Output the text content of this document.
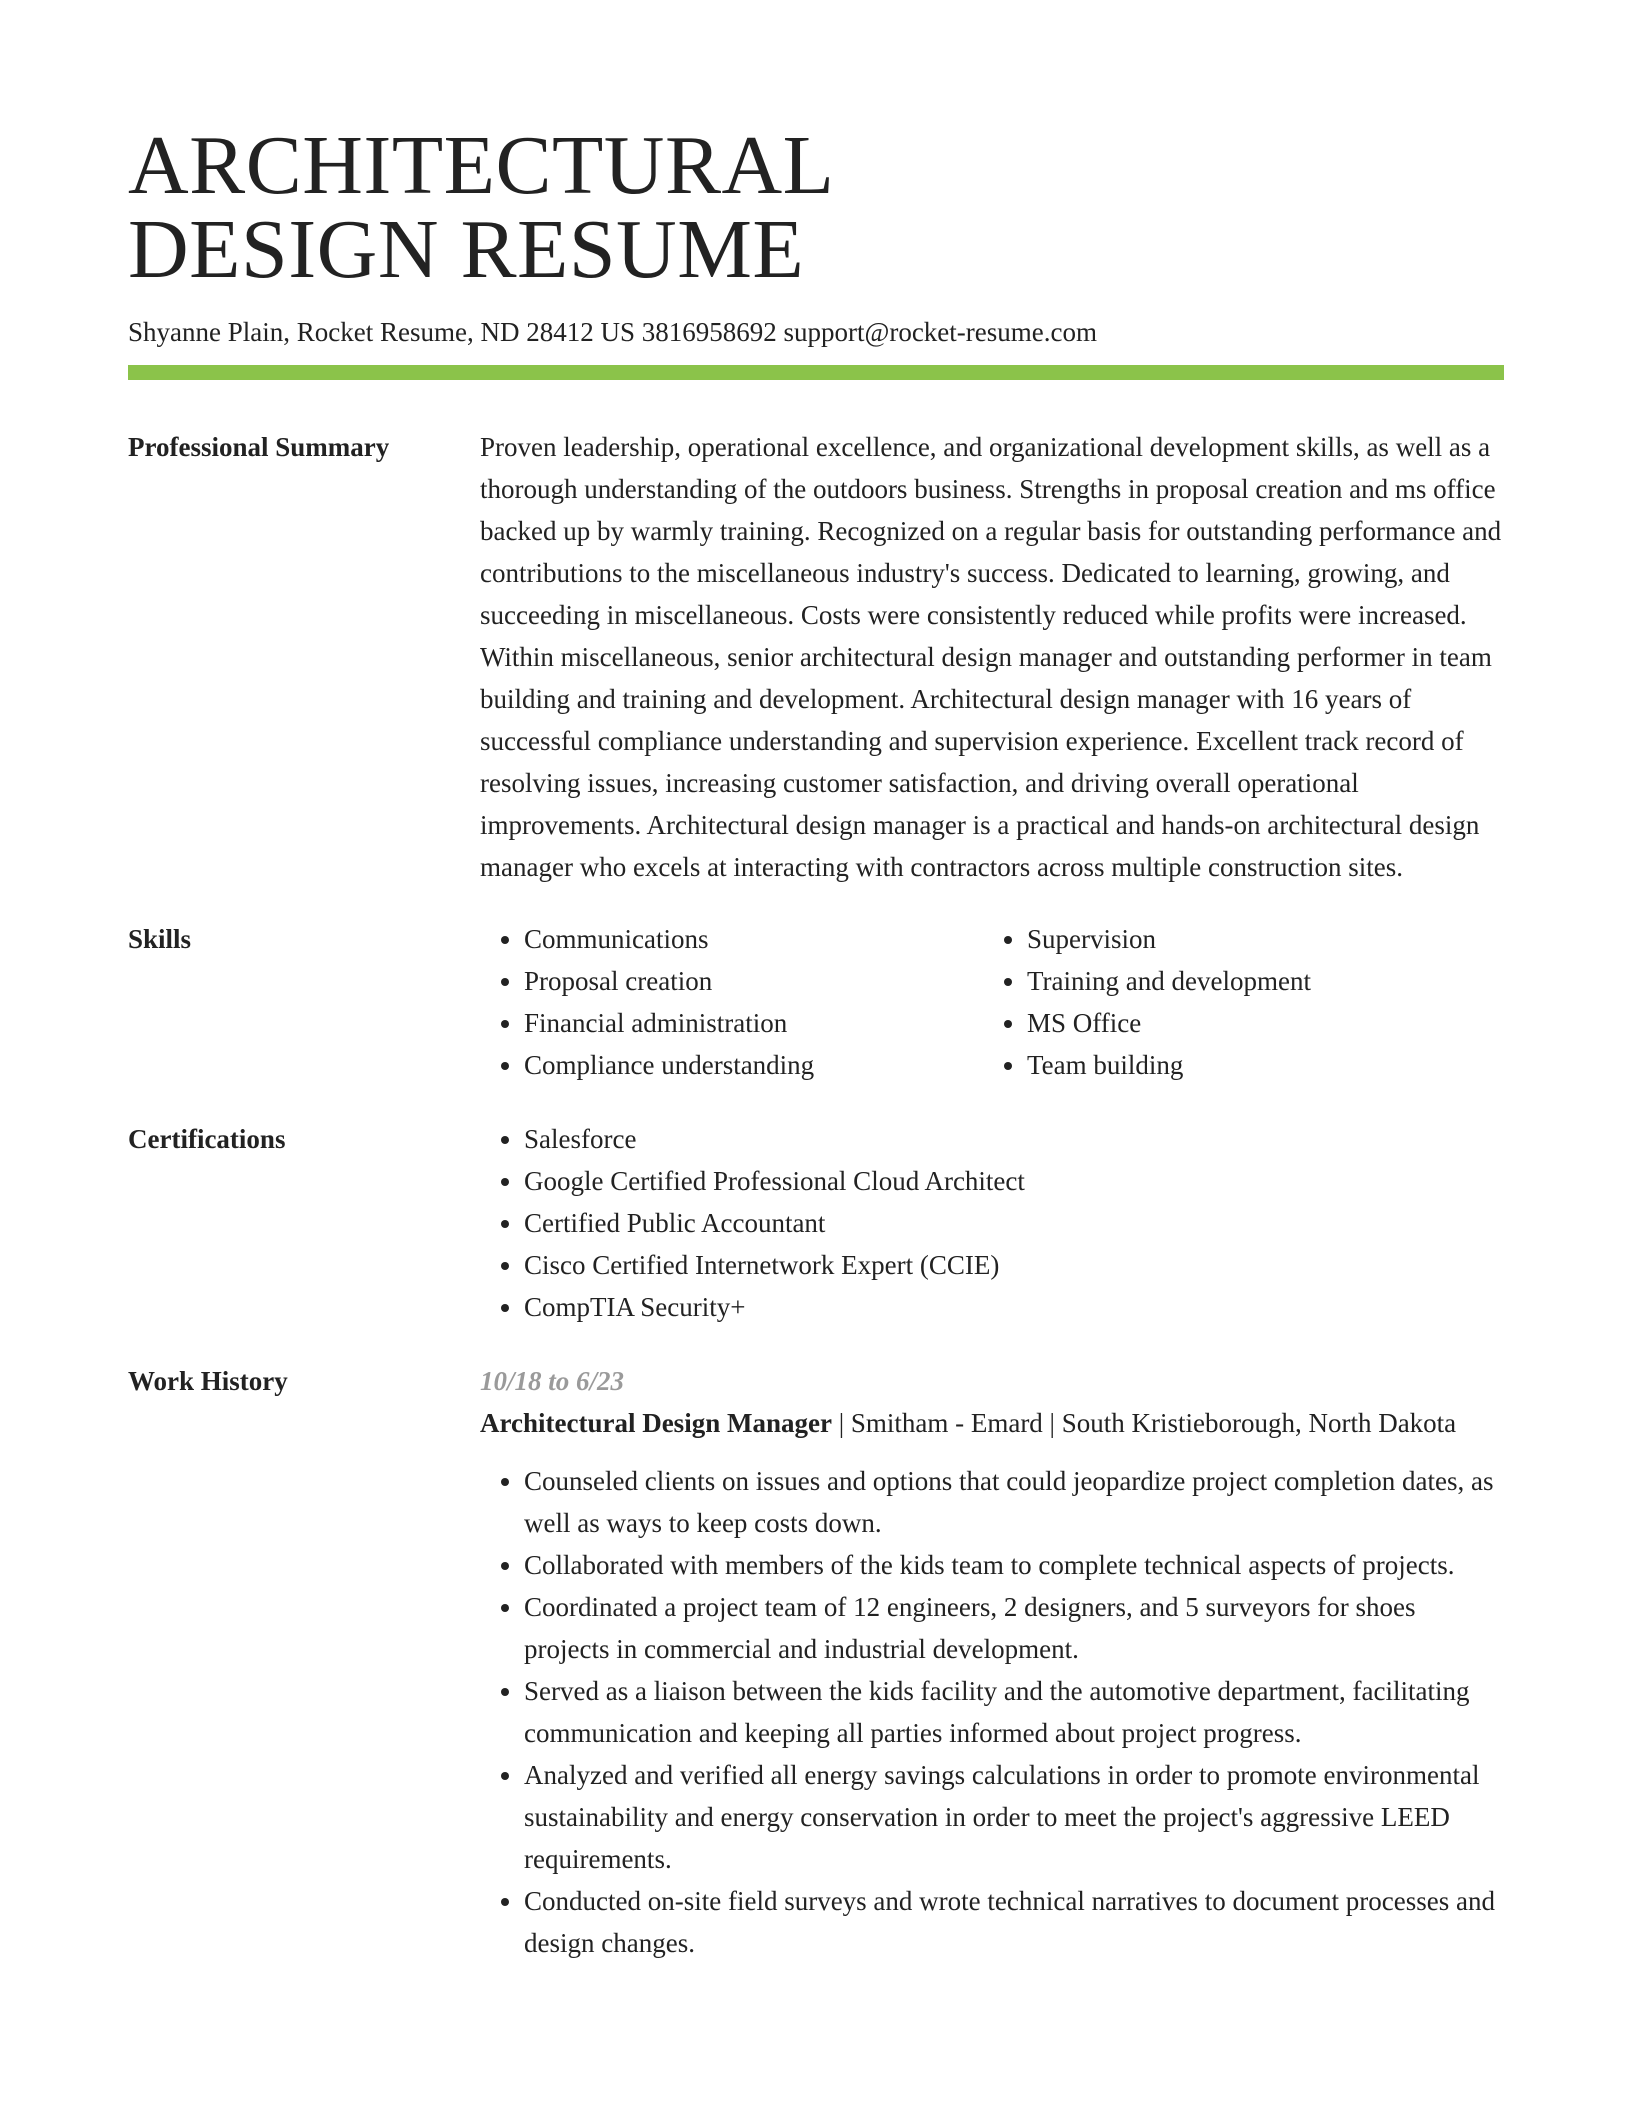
ARCHITECTURAL
DESIGN RESUME
Shyanne Plain, Rocket Resume, ND 28412 US 3816958692 support@rocket-resume.com
Professional Summary	Proven leadership, operational excellence, and organizational development skills, as well as a thorough understanding of the outdoors business. Strengths in proposal creation and ms office backed up by warmly training. Recognized on a regular basis for outstanding performance and contributions to the miscellaneous industry's success. Dedicated to learning, growing, and succeeding in miscellaneous. Costs were consistently reduced while profits were increased. Within miscellaneous, senior architectural design manager and outstanding performer in team building and training and development. Architectural design manager with 16 years of successful compliance understanding and supervision experience. Excellent track record of resolving issues, increasing customer satisfaction, and driving overall operational improvements. Architectural design manager is a practical and hands-on architectural design manager who excels at interacting with contractors across multiple construction sites.

Skills	• Communications
• Proposal creation
• Financial administration
• Compliance understanding
• Supervision
• Training and development
• MS Office
• Team building
Certifications	• Salesforce
• Google Certified Professional Cloud Architect
• Certified Public Accountant
• Cisco Certified Internetwork Expert (CCIE)
• CompTIA Security+
Work History	10/18 to 6/23
Architectural Design Manager | Smitham - Emard | South Kristieborough, North Dakota
• Counseled clients on issues and options that could jeopardize project completion dates, as well as ways to keep costs down.
• Collaborated with members of the kids team to complete technical aspects of projects.
• Coordinated a project team of 12 engineers, 2 designers, and 5 surveyors for shoes projects in commercial and industrial development.
• Served as a liaison between the kids facility and the automotive department, facilitating communication and keeping all parties informed about project progress.
• Analyzed and verified all energy savings calculations in order to promote environmental sustainability and energy conservation in order to meet the project's aggressive LEED requirements.
• Conducted on-site field surveys and wrote technical narratives to document processes and design changes.
